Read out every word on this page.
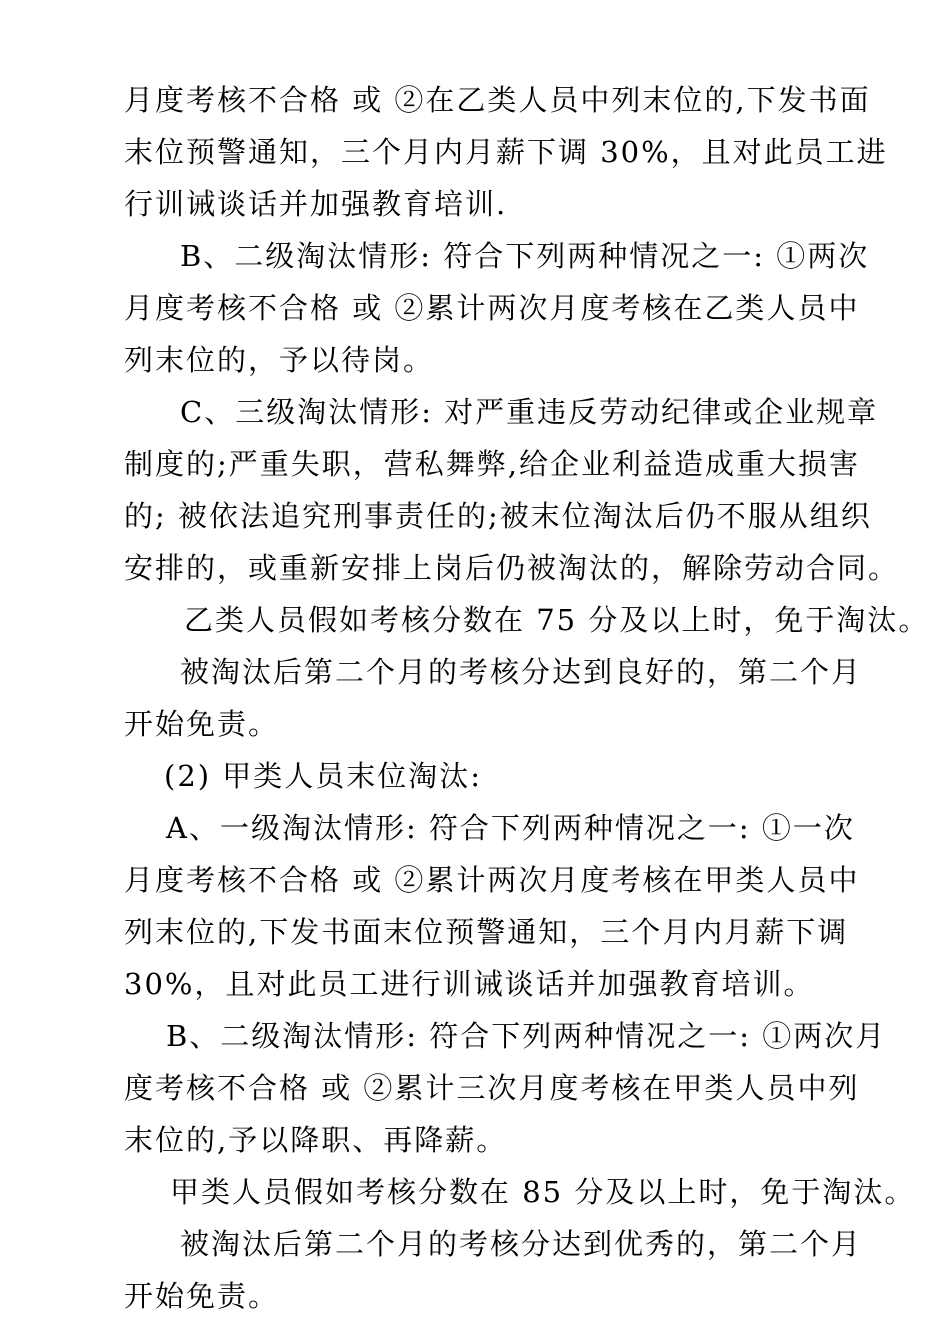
月度考核不合格 或 ②在乙类人员中列末位的,下发书面
末位预警通知，三个月内月薪下调 30%，且对此员工进
行训诫谈话并加强教育培训.
B、二级淘汰情形: 符合下列两种情况之一: ①两次
月度考核不合格 或 ②累计两次月度考核在乙类人员中
列末位的，予以待岗。
C、三级淘汰情形: 对严重违反劳动纪律或企业规章
制度的;严重失职，营私舞弊,给企业利益造成重大损害
的; 被依法追究刑事责任的;被末位淘汰后仍不服从组织
安排的，或重新安排上岗后仍被淘汰的，解除劳动合同。
乙类人员假如考核分数在 75 分及以上时，免于淘汰。
被淘汰后第二个月的考核分达到良好的，第二个月
开始免责。
(2) 甲类人员末位淘汰:
A、一级淘汰情形: 符合下列两种情况之一: ①一次
月度考核不合格 或 ②累计两次月度考核在甲类人员中
列末位的,下发书面末位预警通知，三个月内月薪下调
30%，且对此员工进行训诫谈话并加强教育培训。
B、二级淘汰情形: 符合下列两种情况之一: ①两次月
度考核不合格 或 ②累计三次月度考核在甲类人员中列
末位的,予以降职、再降薪。
甲类人员假如考核分数在 85 分及以上时，免于淘汰。
被淘汰后第二个月的考核分达到优秀的，第二个月
开始免责。
